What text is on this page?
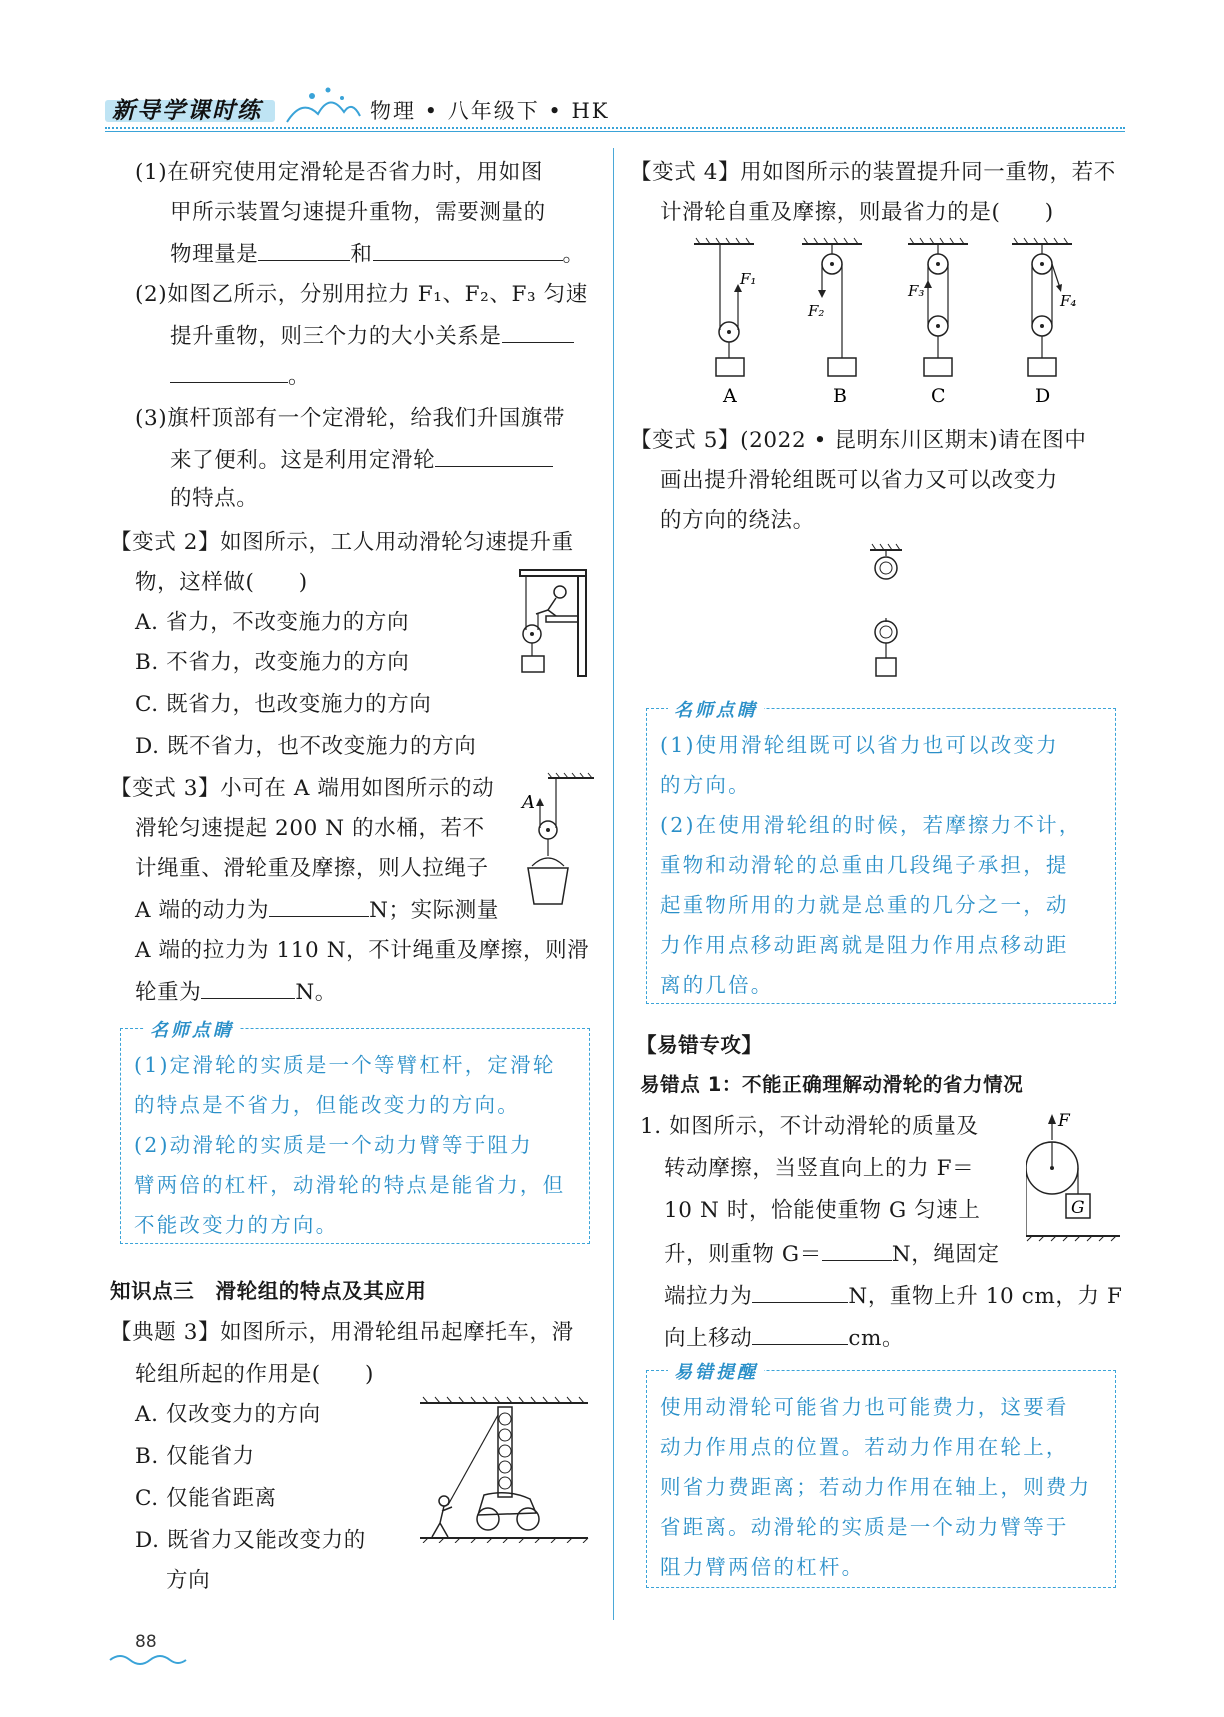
新导学课时练	物理 • 八年级下 • HK
(1)在研究使用定滑轮是否省力时，用如图
甲所示装置匀速提升重物，需要测量的
物理量是	和	。
(2)如图乙所示，分别用拉力 F₁、F₂、F₃ 匀速
提升重物，则三个力的大小关系是
。
(3)旗杆顶部有一个定滑轮，给我们升国旗带
来了便利。这是利用定滑轮
的特点。
【变式 2】如图所示，工人用动滑轮匀速提升重
物，这样做(　　)
A. 省力，不改变施力的方向
B. 不省力，改变施力的方向
C. 既省力，也改变施力的方向
D. 既不省力，也不改变施力的方向
【变式 3】小可在 A 端用如图所示的动
滑轮匀速提起 200 N 的水桶，若不
计绳重、滑轮重及摩擦，则人拉绳子
A 端的动力为	N；实际测量
A 端的拉力为 110 N，不计绳重及摩擦，则滑
轮重为	N。
A
名师点睛
(1)定滑轮的实质是一个等臂杠杆，定滑轮
的特点是不省力，但能改变力的方向。
(2)动滑轮的实质是一个动力臂等于阻力
臂两倍的杠杆，动滑轮的特点是能省力，但
不能改变力的方向。
知识点三　滑轮组的特点及其应用
【典题 3】如图所示，用滑轮组吊起摩托车，滑
轮组所起的作用是(　　)
A. 仅改变力的方向
B. 仅能省力
C. 仅能省距离
D. 既省力又能改变力的
方向
88
【变式 4】用如图所示的装置提升同一重物，若不
计滑轮自重及摩擦，则最省力的是(　　)
F₁
A
F₂
B
F₃
C
F₄
D
【变式 5】(2022 • 昆明东川区期末)请在图中
画出提升滑轮组既可以省力又可以改变力
的方向的绕法。
名师点睛
(1)使用滑轮组既可以省力也可以改变力
的方向。
(2)在使用滑轮组的时候，若摩擦力不计，
重物和动滑轮的总重由几段绳子承担，提
起重物所用的力就是总重的几分之一，动
力作用点移动距离就是阻力作用点移动距
离的几倍。
【易错专攻】
易错点 1：不能正确理解动滑轮的省力情况
1. 如图所示，不计动滑轮的质量及
转动摩擦，当竖直向上的力 F＝
10 N 时，恰能使重物 G 匀速上
升，则重物 G＝	N，绳固定
端拉力为	N，重物上升 10 cm，力 F
向上移动	cm。
F
G
易错提醒
使用动滑轮可能省力也可能费力，这要看
动力作用点的位置。若动力作用在轮上，
则省力费距离；若动力作用在轴上，则费力
省距离。动滑轮的实质是一个动力臂等于
阻力臂两倍的杠杆。
